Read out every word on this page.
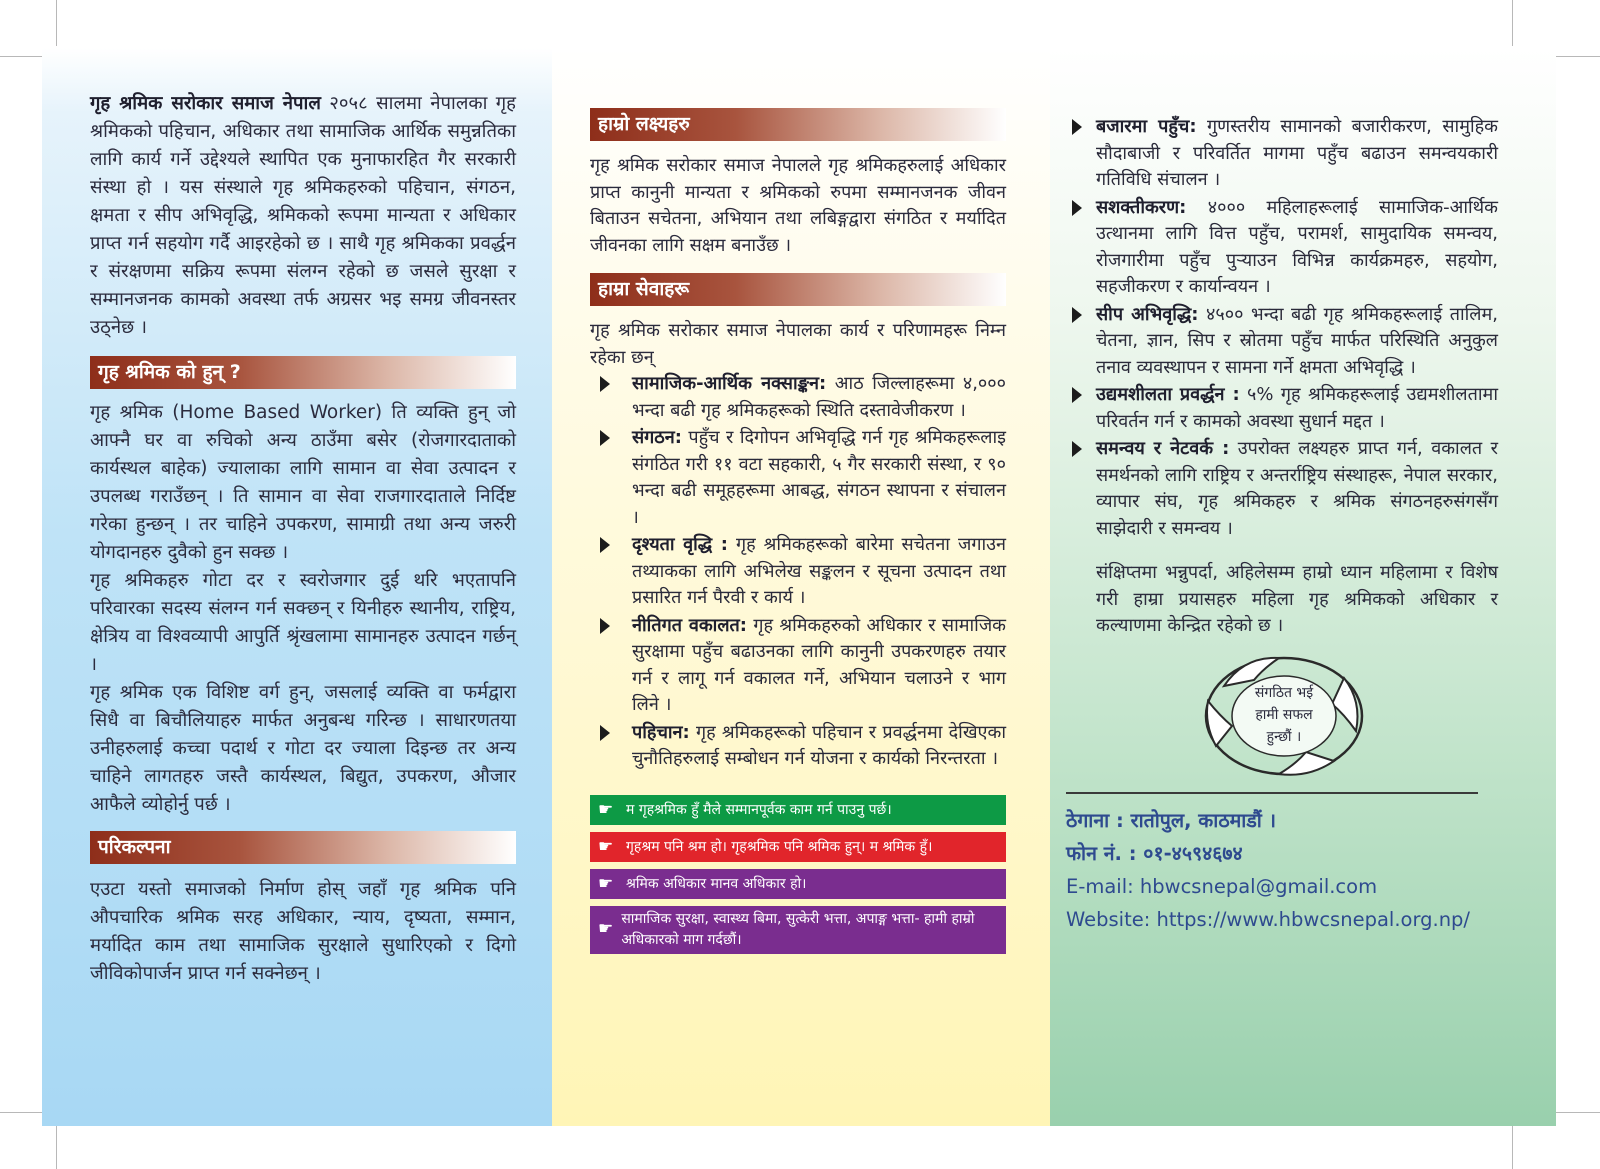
गृह श्रमिक सरोकार समाज नेपाल २०५८ सालमा नेपालका गृह श्रमिकको पहिचान, अधिकार तथा सामाजिक आर्थिक समुन्नतिका लागि कार्य गर्ने उद्देश्यले स्थापित एक मुनाफारहित गैर सरकारी संस्था हो । यस संस्थाले गृह श्रमिकहरुको पहिचान, संगठन, क्षमता र सीप अभिवृद्धि, श्रमिकको रूपमा मान्यता र अधिकार प्राप्त गर्न सहयोग गर्दै आइरहेको छ । साथै गृह श्रमिकका प्रवर्द्धन र संरक्षणमा सक्रिय रूपमा संलग्न रहेको छ जसले सुरक्षा र सम्मानजनक कामको अवस्था तर्फ अग्रसर भइ समग्र जीवनस्तर उठ्नेछ ।

गृह श्रमिक को हुन् ?

गृह श्रमिक (Home Based Worker) ति व्यक्ति हुन् जो आफ्नै घर वा रुचिको अन्य ठाउँमा बसेर (रोजगारदाताको कार्यस्थल बाहेक) ज्यालाका लागि सामान वा सेवा उत्पादन र उपलब्ध गराउँछन् । ति सामान वा सेवा राजगारदाताले निर्दिष्ट गरेका हुन्छन् । तर चाहिने उपकरण, सामाग्री तथा अन्य जरुरी योगदानहरु दुवैको हुन सक्छ ।

गृह श्रमिकहरु गोटा दर र स्वरोजगार दुई थरि भएतापनि परिवारका सदस्य संलग्न गर्न सक्छन् र यिनीहरु स्थानीय, राष्ट्रिय, क्षेत्रिय वा विश्वव्यापी आपुर्ति श्रृंखलामा सामानहरु उत्पादन गर्छन् ।

गृह श्रमिक एक विशिष्ट वर्ग हुन्, जसलाई व्यक्ति वा फर्मद्वारा सिधै वा बिचौलियाहरु मार्फत अनुबन्ध गरिन्छ । साधारणतया उनीहरुलाई कच्चा पदार्थ र गोटा दर ज्याला दिइन्छ तर अन्य चाहिने लागतहरु जस्तै कार्यस्थल, बिद्युत, उपकरण, औजार आफैले व्योहोर्नु पर्छ ।

परिकल्पना

एउटा यस्तो समाजको निर्माण होस् जहाँ गृह श्रमिक पनि औपचारिक श्रमिक सरह अधिकार, न्याय, दृष्यता, सम्मान, मर्यादित काम तथा सामाजिक सुरक्षाले सुधारिएको र दिगो जीविकोपार्जन प्राप्त गर्न सक्नेछन् ।

हाम्रो लक्ष्यहरु

गृह श्रमिक सरोकार समाज नेपालले गृह श्रमिकहरुलाई अधिकार प्राप्त कानुनी मान्यता र श्रमिकको रुपमा सम्मानजनक जीवन बिताउन सचेतना, अभियान तथा लबिङ्गद्वारा संगठित र मर्यादित जीवनका लागि सक्षम बनाउँछ ।

हाम्रा सेवाहरू

गृह श्रमिक सरोकार समाज नेपालका कार्य र परिणामहरू निम्न रहेका छन्

सामाजिक-आर्थिक नक्साङ्कन: आठ जिल्लाहरूमा ४,००० भन्दा बढी गृह श्रमिकहरूको स्थिति दस्तावेजीकरण ।
संगठन: पहुँच र दिगोपन अभिवृद्धि गर्न गृह श्रमिकहरूलाइ संगठित गरी ११ वटा सहकारी, ५ गैर सरकारी संस्था, र ९० भन्दा बढी समूहहरूमा आबद्ध, संगठन स्थापना र संचालन ।
दृश्यता वृद्धि : गृह श्रमिकहरूको बारेमा सचेतना जगाउन तथ्याकका लागि अभिलेख सङ्कलन र सूचना उत्पादन तथा प्रसारित गर्न पैरवी र कार्य ।
नीतिगत वकालत: गृह श्रमिकहरुको अधिकार र सामाजिक सुरक्षामा पहुँच बढाउनका लागि कानुनी उपकरणहरु तयार गर्न र लागू गर्न वकालत गर्ने, अभियान चलाउने र भाग लिने ।
पहिचान: गृह श्रमिकहरूको पहिचान र प्रवर्द्धनमा देखिएका चुनौतिहरुलाई सम्बोधन गर्न योजना र कार्यको निरन्तरता ।
☛ म गृहश्रमिक हुँ मैले सम्मानपूर्वक काम गर्न पाउनु पर्छ।
☛ गृहश्रम पनि श्रम हो। गृहश्रमिक पनि श्रमिक हुन्। म श्रमिक हुँ।
☛ श्रमिक अधिकार मानव अधिकार हो।
☛
सामाजिक सुरक्षा, स्वास्थ्य बिमा, सुत्केरी भत्ता, अपाङ्ग भत्ता- हामी हाम्रो अधिकारको माग गर्दछौं।
बजारमा पहुँच: गुणस्तरीय सामानको बजारीकरण, सामुहिक सौदाबाजी र परिवर्तित मागमा पहुँच बढाउन समन्वयकारी गतिविधि संचालन ।
सशक्तीकरण: ४००० महिलाहरूलाई सामाजिक-आर्थिक उत्थानमा लागि वित्त पहुँच, परामर्श, सामुदायिक समन्वय, रोजगारीमा पहुँच पुऱ्याउन विभिन्न कार्यक्रमहरु, सहयोग, सहजीकरण र कार्यान्वयन ।
सीप अभिवृद्धि: ४५०० भन्दा बढी गृह श्रमिकहरूलाई तालिम, चेतना, ज्ञान, सिप र स्रोतमा पहुँच मार्फत परिस्थिति अनुकुल तनाव व्यवस्थापन र सामना गर्ने क्षमता अभिवृद्धि ।
उद्यमशीलता प्रवर्द्धन : ५% गृह श्रमिकहरूलाई उद्यमशीलतामा परिवर्तन गर्न र कामको अवस्था सुधार्न मद्दत ।
समन्वय र नेटवर्क : उपरोक्त लक्ष्यहरु प्राप्त गर्न, वकालत र समर्थनको लागि राष्ट्रिय र अन्तर्राष्ट्रिय संस्थाहरू, नेपाल सरकार, व्यापार संघ, गृह श्रमिकहरु र श्रमिक संगठनहरुसंगसँग साझेदारी र समन्वय ।

संक्षिप्तमा भन्नुपर्दा, अहिलेसम्म हाम्रो ध्यान महिलामा र विशेष गरी हाम्रा प्रयासहरु महिला गृह श्रमिकको अधिकार र कल्याणमा केन्द्रित रहेको छ ।

संगठित भई
हामी सफल
हुन्छौं ।
ठेगाना : रातोपुल, काठमाडौं ।
फोन नं. : ०१-४५९४६७४
E-mail: hbwcsnepal@gmail.com
Website: https://www.hbwcsnepal.org.np/
